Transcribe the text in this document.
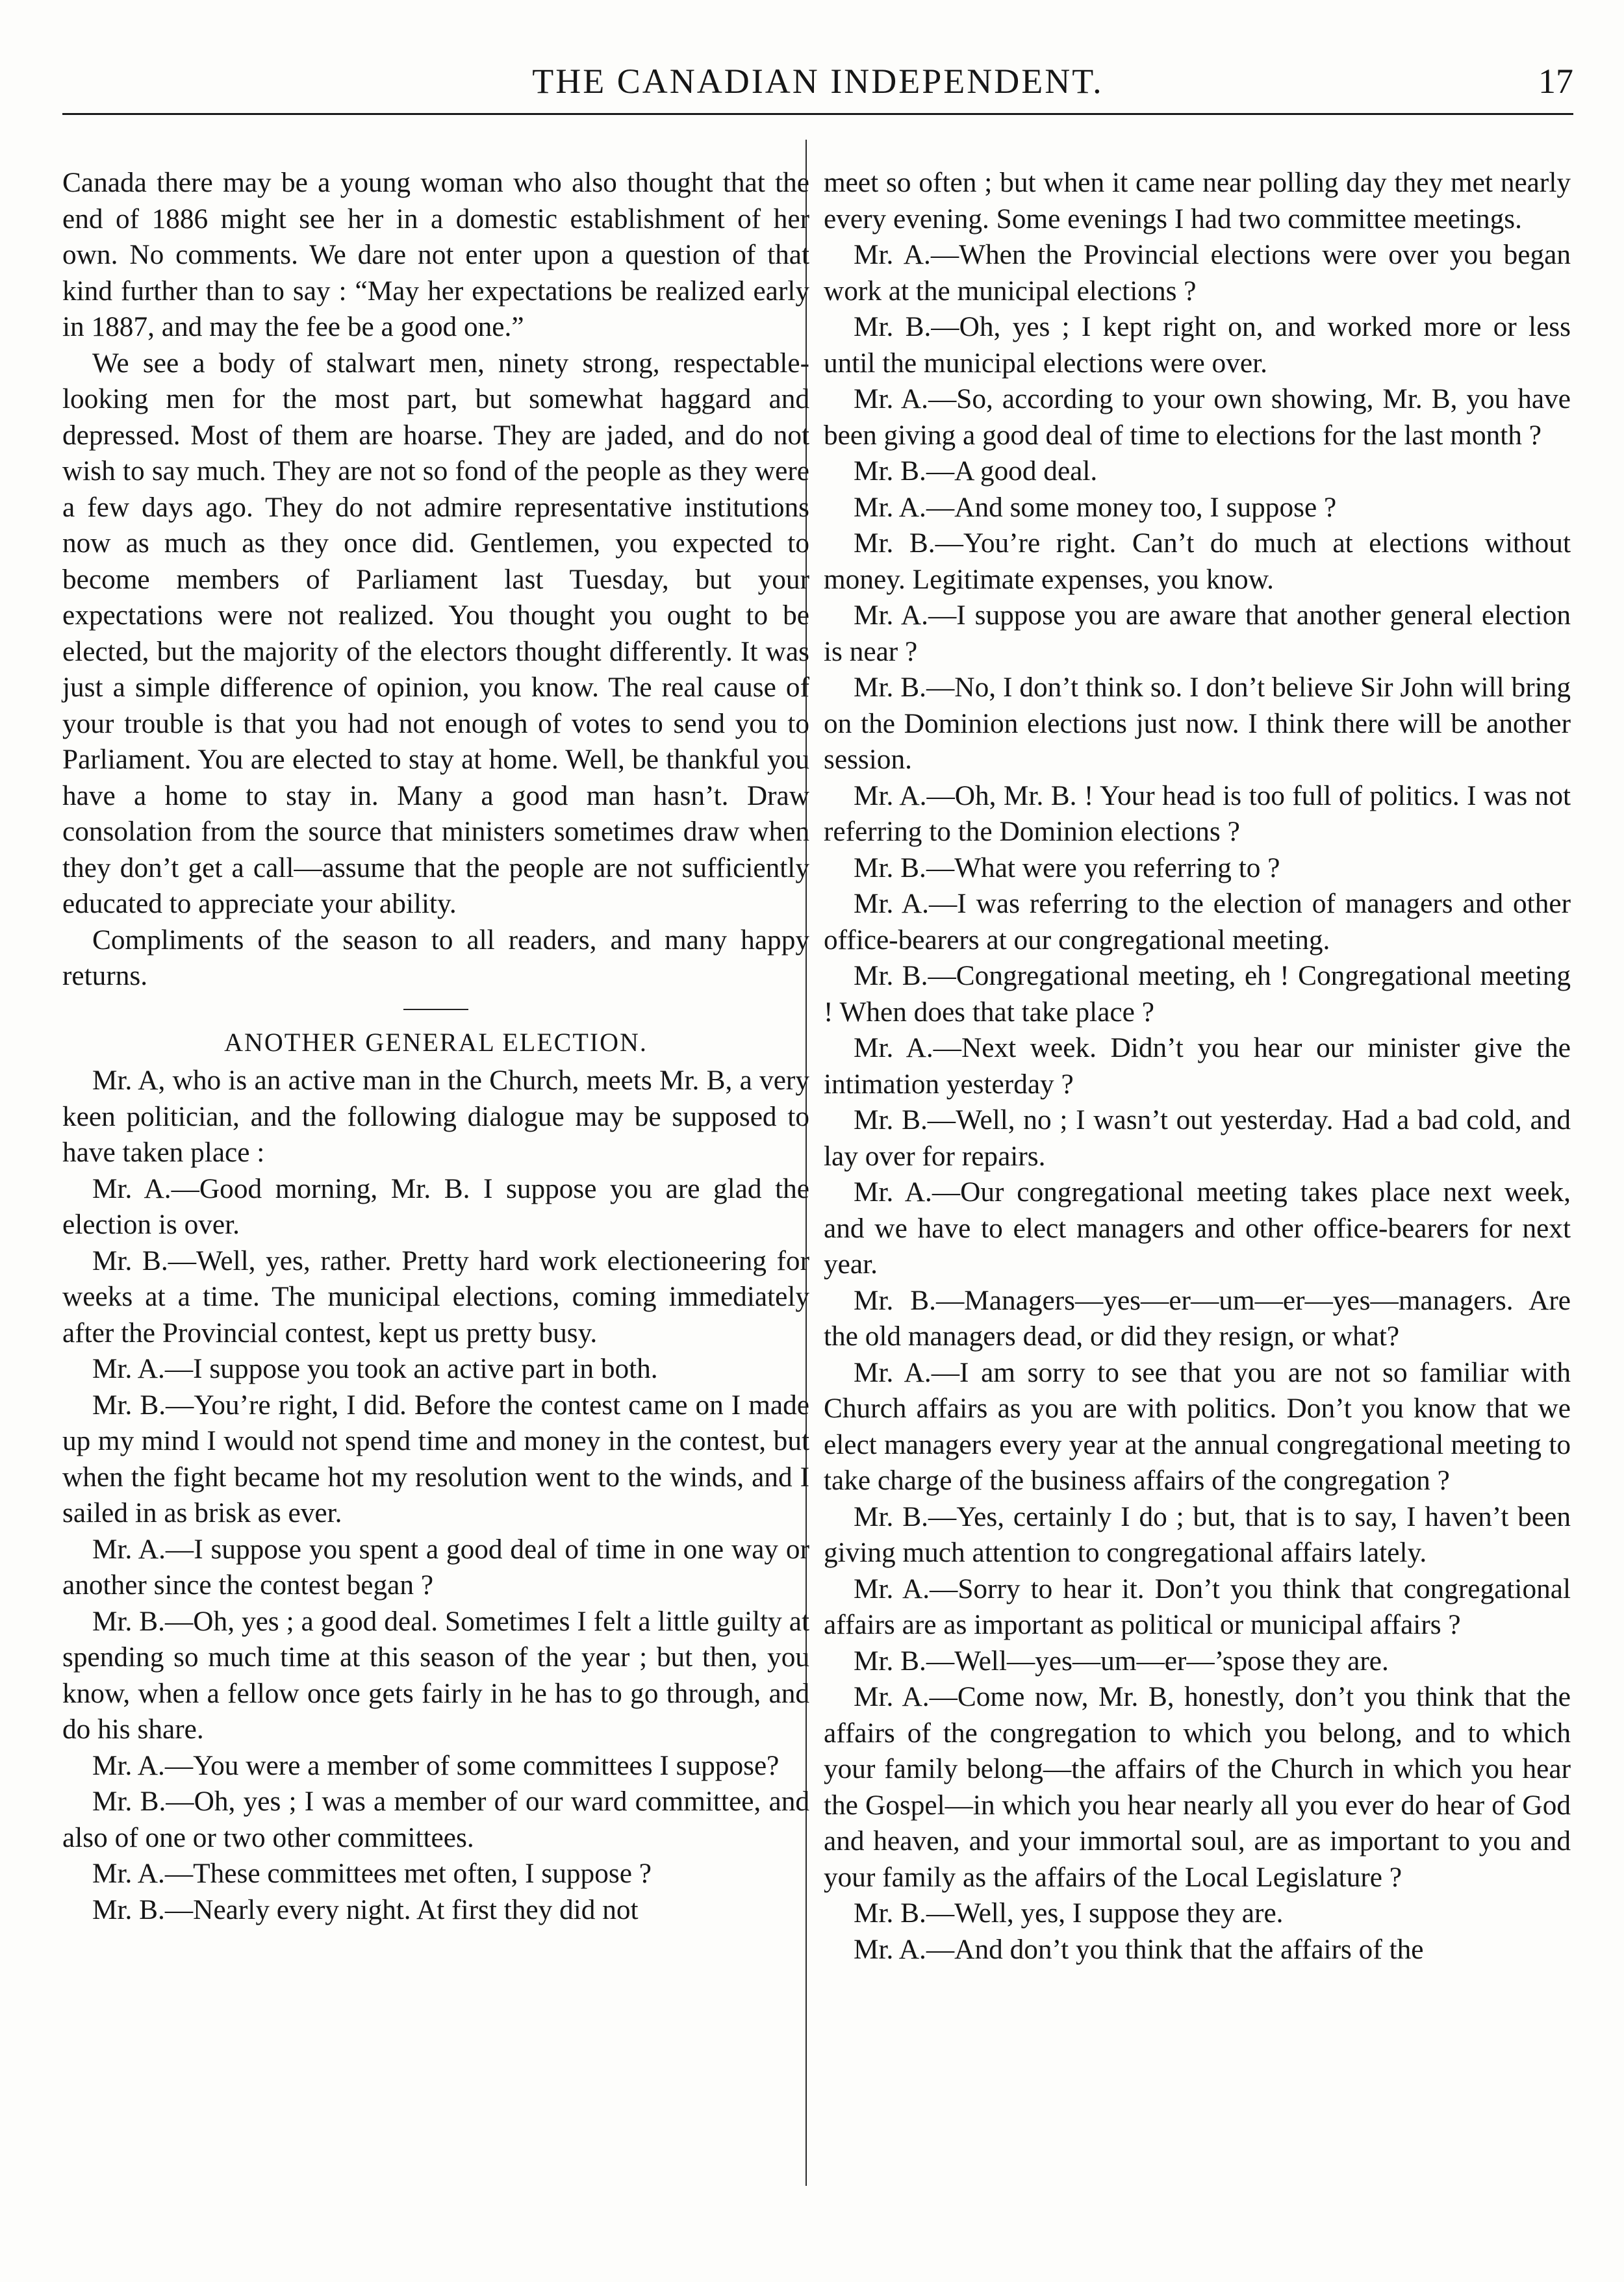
THE CANADIAN INDEPENDENT.	17

Canada there may be a young woman who also thought that the end of 1886 might see her in a domestic establishment of her own. No comments. We dare not enter upon a question of that kind further than to say : “May her expectations be realized early in 1887, and may the fee be a good one.”

We see a body of stalwart men, ninety strong, respectable-looking men for the most part, but somewhat haggard and depressed. Most of them are hoarse. They are jaded, and do not wish to say much. They are not so fond of the people as they were a few days ago. They do not admire representative institutions now as much as they once did. Gentlemen, you expected to become members of Parliament last Tuesday, but your expectations were not realized. You thought you ought to be elected, but the majority of the electors thought differently. It was just a simple difference of opinion, you know. The real cause of your trouble is that you had not enough of votes to send you to Parliament. You are elected to stay at home. Well, be thankful you have a home to stay in. Many a good man hasn’t. Draw consolation from the source that ministers sometimes draw when they don’t get a call—assume that the people are not sufficiently educated to appreciate your ability.

Compliments of the season to all readers, and many happy returns.

ANOTHER GENERAL ELECTION.

Mr. A, who is an active man in the Church, meets Mr. B, a very keen politician, and the following dialogue may be supposed to have taken place :

Mr. A.—Good morning, Mr. B. I suppose you are glad the election is over.

Mr. B.—Well, yes, rather. Pretty hard work electioneering for weeks at a time. The municipal elections, coming immediately after the Provincial contest, kept us pretty busy.

Mr. A.—I suppose you took an active part in both.

Mr. B.—You’re right, I did. Before the contest came on I made up my mind I would not spend time and money in the contest, but when the fight became hot my resolution went to the winds, and I sailed in as brisk as ever.

Mr. A.—I suppose you spent a good deal of time in one way or another since the contest began ?

Mr. B.—Oh, yes ; a good deal. Sometimes I felt a little guilty at spending so much time at this season of the year ; but then, you know, when a fellow once gets fairly in he has to go through, and do his share.

Mr. A.—You were a member of some committees I suppose?

Mr. B.—Oh, yes ; I was a member of our ward committee, and also of one or two other committees.

Mr. A.—These committees met often, I suppose ?

Mr. B.—Nearly every night. At first they did not

meet so often ; but when it came near polling day they met nearly every evening. Some evenings I had two committee meetings.

Mr. A.—When the Provincial elections were over you began work at the municipal elections ?

Mr. B.—Oh, yes ; I kept right on, and worked more or less until the municipal elections were over.

Mr. A.—So, according to your own showing, Mr. B, you have been giving a good deal of time to elections for the last month ?

Mr. B.—A good deal.

Mr. A.—And some money too, I suppose ?

Mr. B.—You’re right. Can’t do much at elections without money. Legitimate expenses, you know.

Mr. A.—I suppose you are aware that another general election is near ?

Mr. B.—No, I don’t think so. I don’t believe Sir John will bring on the Dominion elections just now. I think there will be another session.

Mr. A.—Oh, Mr. B. ! Your head is too full of politics. I was not referring to the Dominion elections ?

Mr. B.—What were you referring to ?

Mr. A.—I was referring to the election of managers and other office-bearers at our congregational meeting.

Mr. B.—Congregational meeting, eh ! Congregational meeting ! When does that take place ?

Mr. A.—Next week. Didn’t you hear our minister give the intimation yesterday ?

Mr. B.—Well, no ; I wasn’t out yesterday. Had a bad cold, and lay over for repairs.

Mr. A.—Our congregational meeting takes place next week, and we have to elect managers and other office-bearers for next year.

Mr. B.—Managers—yes—er—um—er—yes—managers. Are the old managers dead, or did they resign, or what?

Mr. A.—I am sorry to see that you are not so familiar with Church affairs as you are with politics. Don’t you know that we elect managers every year at the annual congregational meeting to take charge of the business affairs of the congregation ?

Mr. B.—Yes, certainly I do ; but, that is to say, I haven’t been giving much attention to congregational affairs lately.

Mr. A.—Sorry to hear it. Don’t you think that congregational affairs are as important as political or municipal affairs ?

Mr. B.—Well—yes—um—er—’spose they are.

Mr. A.—Come now, Mr. B, honestly, don’t you think that the affairs of the congregation to which you belong, and to which your family belong—the affairs of the Church in which you hear the Gospel—in which you hear nearly all you ever do hear of God and heaven, and your immortal soul, are as important to you and your family as the affairs of the Local Legislature ?

Mr. B.—Well, yes, I suppose they are.

Mr. A.—And don’t you think that the affairs of the
